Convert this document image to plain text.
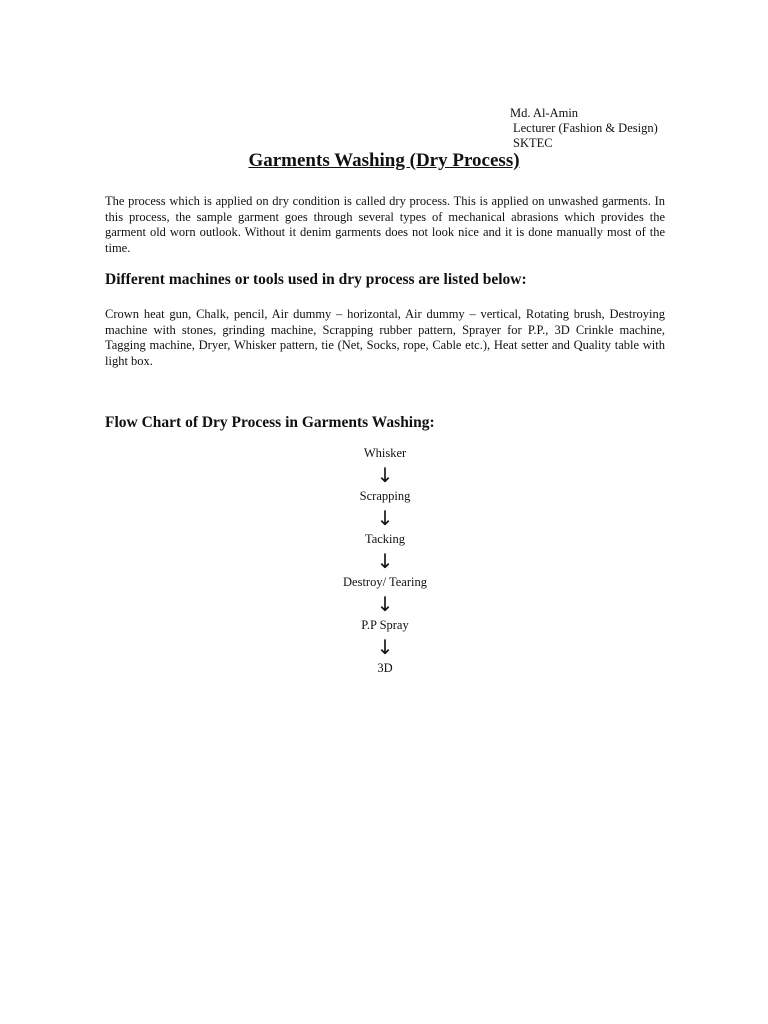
Md. Al-Amin
Lecturer (Fashion & Design)
SKTEC
Garments Washing (Dry Process)

The process which is applied on dry condition is called dry process. This is applied on unwashed garments. In this process, the sample garment goes through several types of mechanical abrasions which provides the garment old worn outlook. Without it denim garments does not look nice and it is done manually most of the time.

Different machines or tools used in dry process are listed below:

Crown heat gun, Chalk, pencil, Air dummy – horizontal, Air dummy – vertical, Rotating brush, Destroying machine with stones, grinding machine, Scrapping rubber pattern, Sprayer for P.P., 3D Crinkle machine, Tagging machine, Dryer, Whisker pattern, tie (Net, Socks, rope, Cable etc.), Heat setter and Quality table with light box.

Flow Chart of Dry Process in Garments Washing:
Whisker
↓
Scrapping
↓
Tacking
↓
Destroy/ Tearing
↓
P.P Spray
↓
3D
